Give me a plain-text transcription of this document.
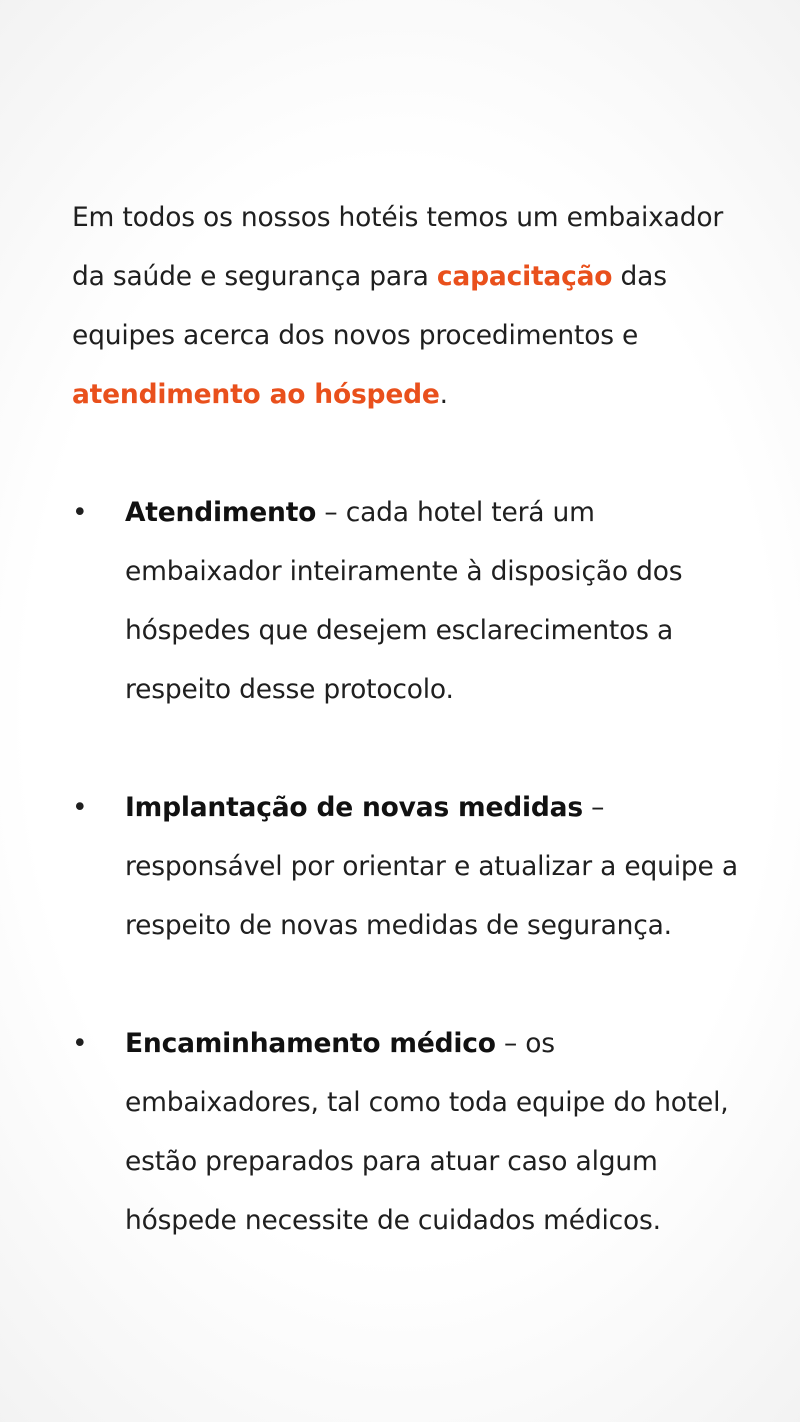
Em todos os nossos hotéis temos um embaixador da saúde e segurança para capacitação das equipes acerca dos novos procedimentos e atendimento ao hóspede.

• Atendimento – cada hotel terá um embaixador inteiramente à disposição dos hóspedes que desejem esclarecimentos a respeito desse protocolo.
• Implantação de novas medidas – responsável por orientar e atualizar a equipe a respeito de novas medidas de segurança.
• Encaminhamento médico – os embaixadores, tal como toda equipe do hotel, estão preparados para atuar caso algum hóspede necessite de cuidados médicos.
